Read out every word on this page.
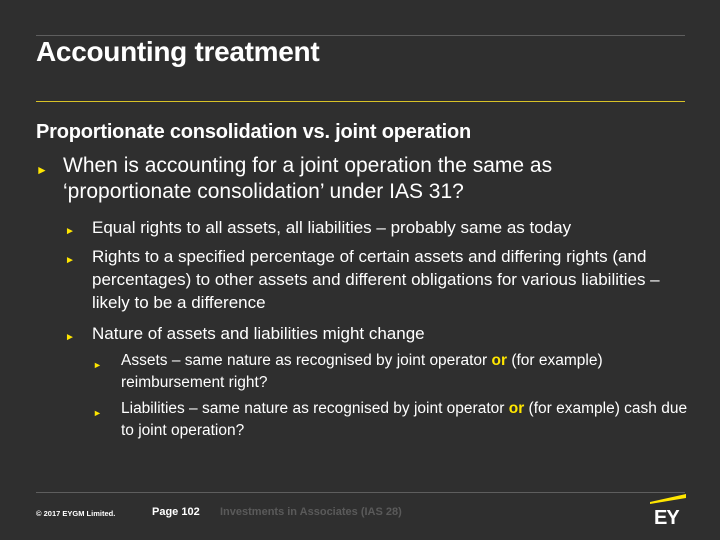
Accounting treatment
Proportionate consolidation vs. joint operation
► When is accounting for a joint operation the same as ‘proportionate consolidation’ under IAS 31?
►	Equal rights to all assets, all liabilities – probably same as today
►	Rights to a specified percentage of certain assets and differing rights (and percentages) to other assets and different obligations for various liabilities – likely to be a difference
►	Nature of assets and liabilities might change
►	Assets – same nature as recognised by joint operator or (for example) reimbursement right?
►	Liabilities – same nature as recognised by joint operator or (for example) cash due to joint operation?
© 2017 EYGM Limited.	Page 102 Investments in Associates (IAS 28)	EY
